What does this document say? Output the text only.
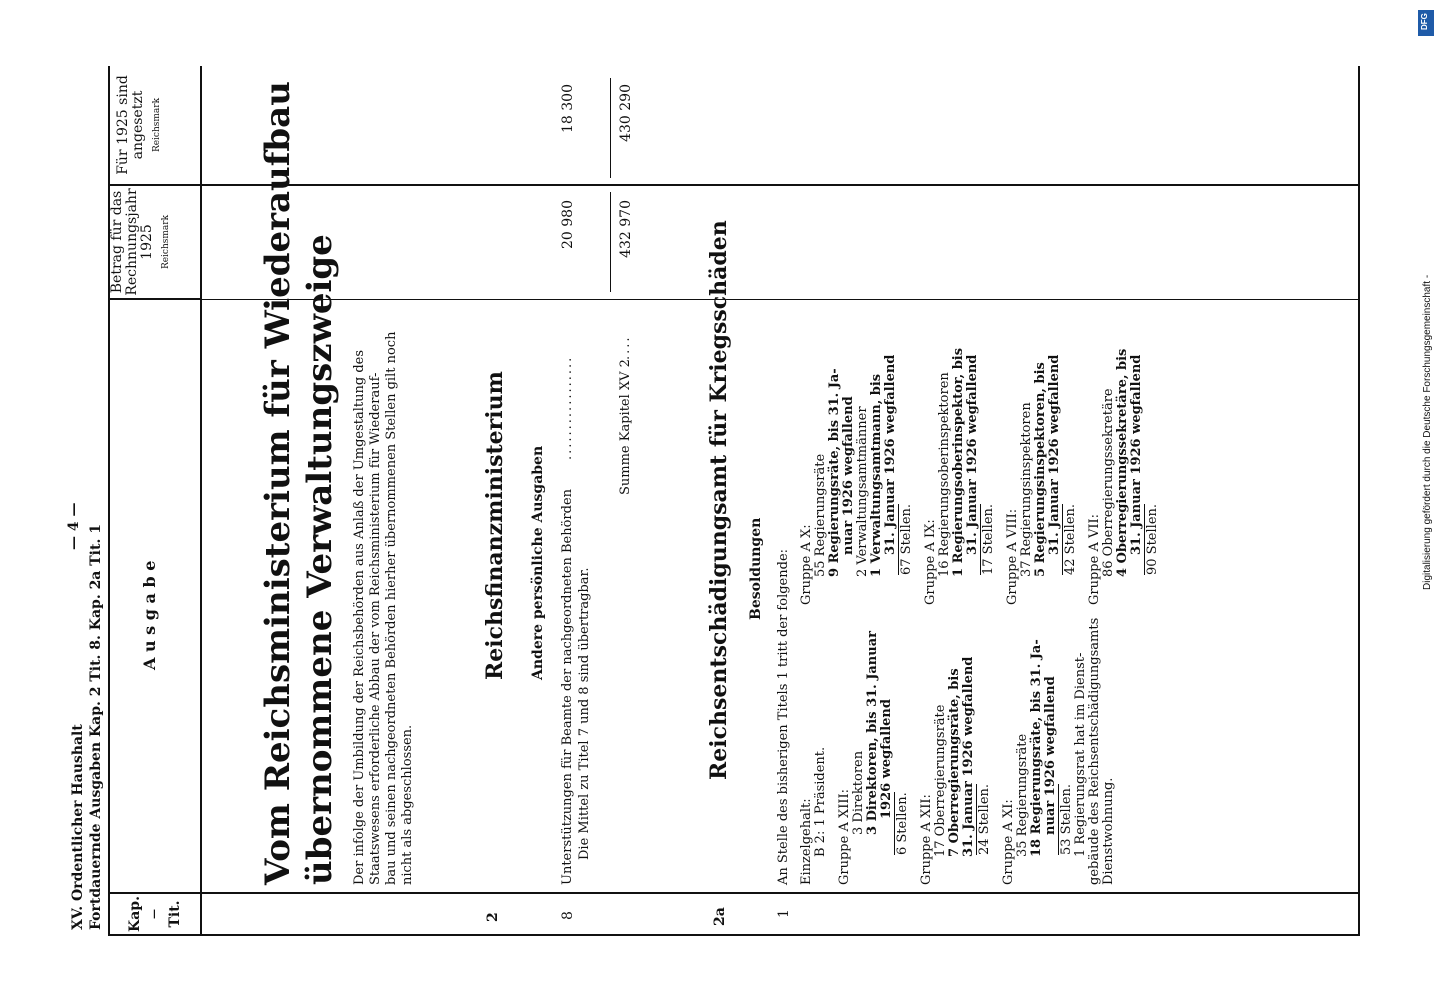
XV. Ordentlicher Haushalt Fortdauernde Ausgaben Kap. 2 Tit. 8. Kap. 2a Tit. 1
— 4 —
Kap. — Tit.
A u s g a b e
Betrag für das Rechnungsjahr 1925 Reichsmark
Für 1925 sind angesetzt Reichsmark	Vom Reichsministerium für Wiederaufbau übernommene Verwaltungszweige Der infolge der Umbildung der Reichsbehörden aus Anlaß der Umgestaltung des Staatswesens erforderliche Abbau der vom Reichsministerium für Wiederauf- bau und seinen nachgeordneten Behörden hierher übernommenen Stellen gilt noch nicht als abgeschlossen.
2
Reichsfinanzministerium Andere persönliche Ausgaben
8
Unterstützungen für Beamte der nachgeordneten Behörden
.................
Die Mittel zu Titel 7 und 8 sind übertragbar.
20 980
18 300
Summe Kapitel XV 2
....
432 970
430 290
2a
Reichsentschädigungsamt für Kriegsschäden Besoldungen
1
An Stelle des bisherigen Titels 1 tritt der folgende: Einzelgehalt: B 2: 1 Präsident. Gruppe A XIII: 3 Direktoren 3 Direktoren, bis 31. Januar 1926 wegfallend
6 Stellen. Gruppe A XII: 17 Oberregierungsräte 7 Oberregierungsräte, bis 31. Januar 1926 wegfallend 24 Stellen. Gruppe A XI: 35 Regierungsräte 18 Regierungsräte, bis 31. Ja- nuar 1926 wegfallend 53 Stellen. 1 Regierungsrat hat im Dienst- gebäude des Reichsentschädigungsamts Dienstwohnung.
Gruppe A X: 55 Regierungsräte 9 Regierungsräte, bis 31. Ja- nuar 1926 wegfallend 2 Verwaltungsamtmänner 1 Verwaltungsamtmann, bis 31. Januar 1926 wegfallend 67 Stellen. Gruppe A IX: 16 Regierungsoberinspektoren 1 Regierungsoberinspektor, bis 31. Januar 1926 wegfallend 17 Stellen. Gruppe A VIII: 37 Regierungsinspektoren 5 Regierungsinspektoren, bis 31. Januar 1926 wegfallend 42 Stellen. Gruppe A VII: 86 Oberregierungssekretäre 4 Oberregierungssekretäre, bis 31. Januar 1926 wegfallend 90 Stellen.
DFG
Digitalisierung gefördert durch die Deutsche Forschungsgemeinschaft -
